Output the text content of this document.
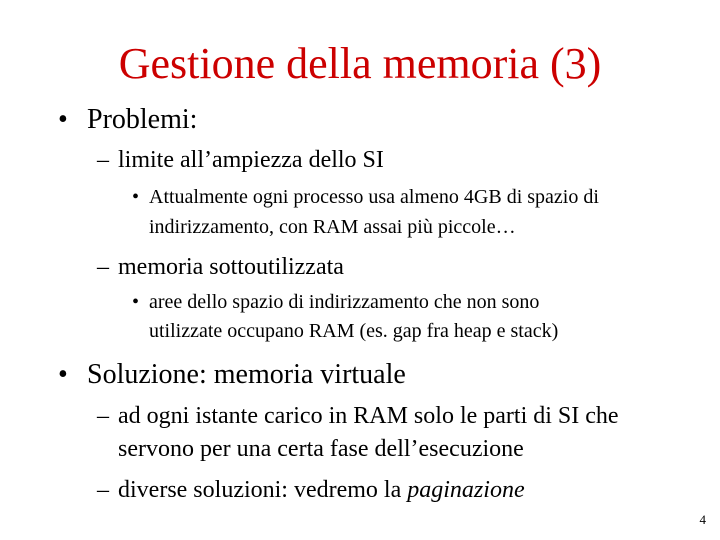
Gestione della memoria (3)
• Problemi:
– limite all’ampiezza dello SI
• Attualmente ogni processo usa almeno 4GB di spazio di
indirizzamento, con RAM assai più piccole…
– memoria sottoutilizzata
• aree dello spazio di indirizzamento che non sono
utilizzate occupano RAM (es. gap fra heap e stack)
• Soluzione: memoria virtuale
– ad ogni istante carico in RAM solo le parti di SI che
servono per una certa fase dell’esecuzione
– diverse soluzioni: vedremo la paginazione
4
